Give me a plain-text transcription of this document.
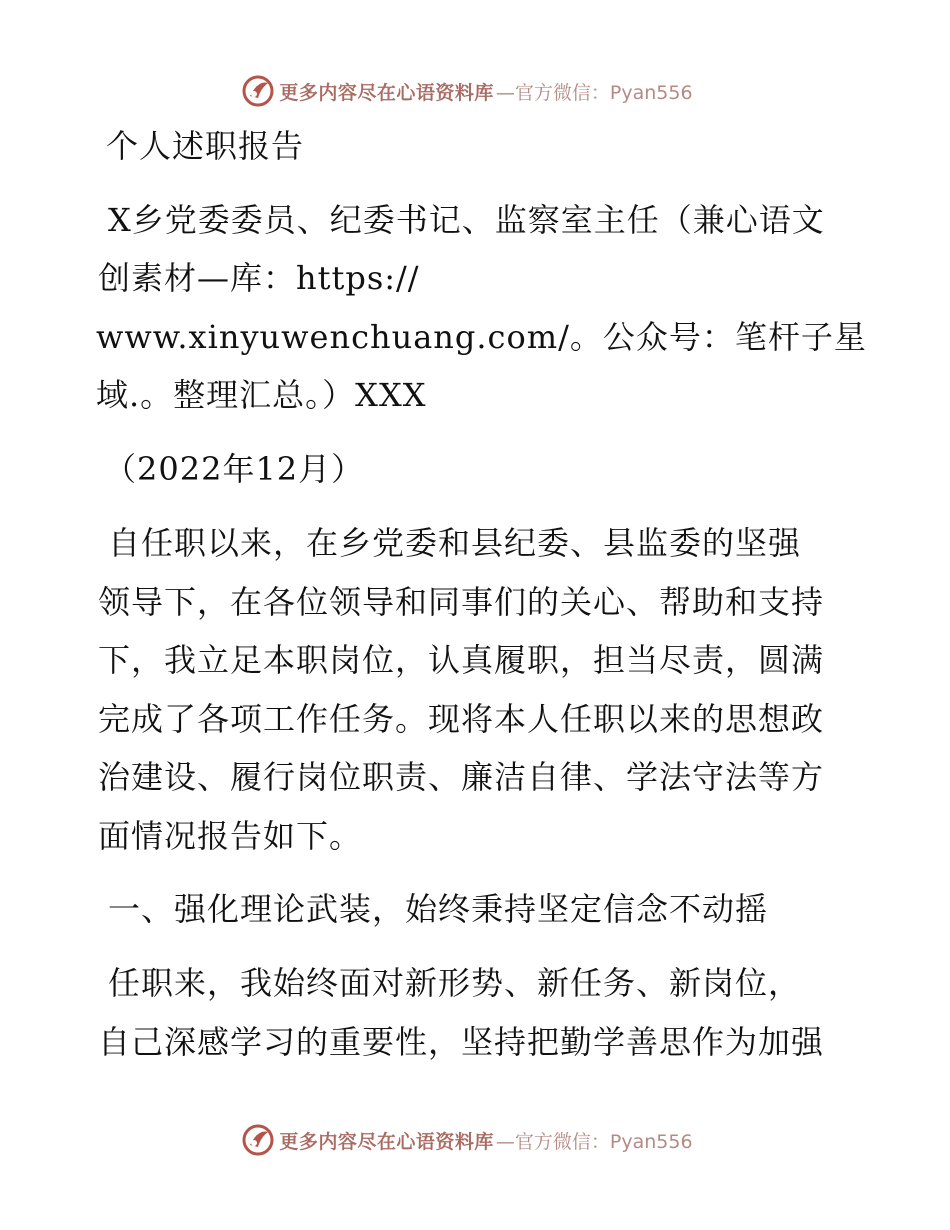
更多内容尽在心语资料库 —官方微信：Pyan556
个人述职报告
X乡党委委员、纪委书记、监察室主任（兼心语文
创素材—库：https://
www.xinyuwenchuang.com/。公众号：笔杆子星
域.。整理汇总。）XXX
（2022年12月）
自任职以来，在乡党委和县纪委、县监委的坚强
领导下，在各位领导和同事们的关心、帮助和支持
下，我立足本职岗位，认真履职，担当尽责，圆满
完成了各项工作任务。现将本人任职以来的思想政
治建设、履行岗位职责、廉洁自律、学法守法等方
面情况报告如下。
一、强化理论武装，始终秉持坚定信念不动摇
任职来，我始终面对新形势、新任务、新岗位，
自己深感学习的重要性，坚持把勤学善思作为加强
更多内容尽在心语资料库 —官方微信：Pyan556
